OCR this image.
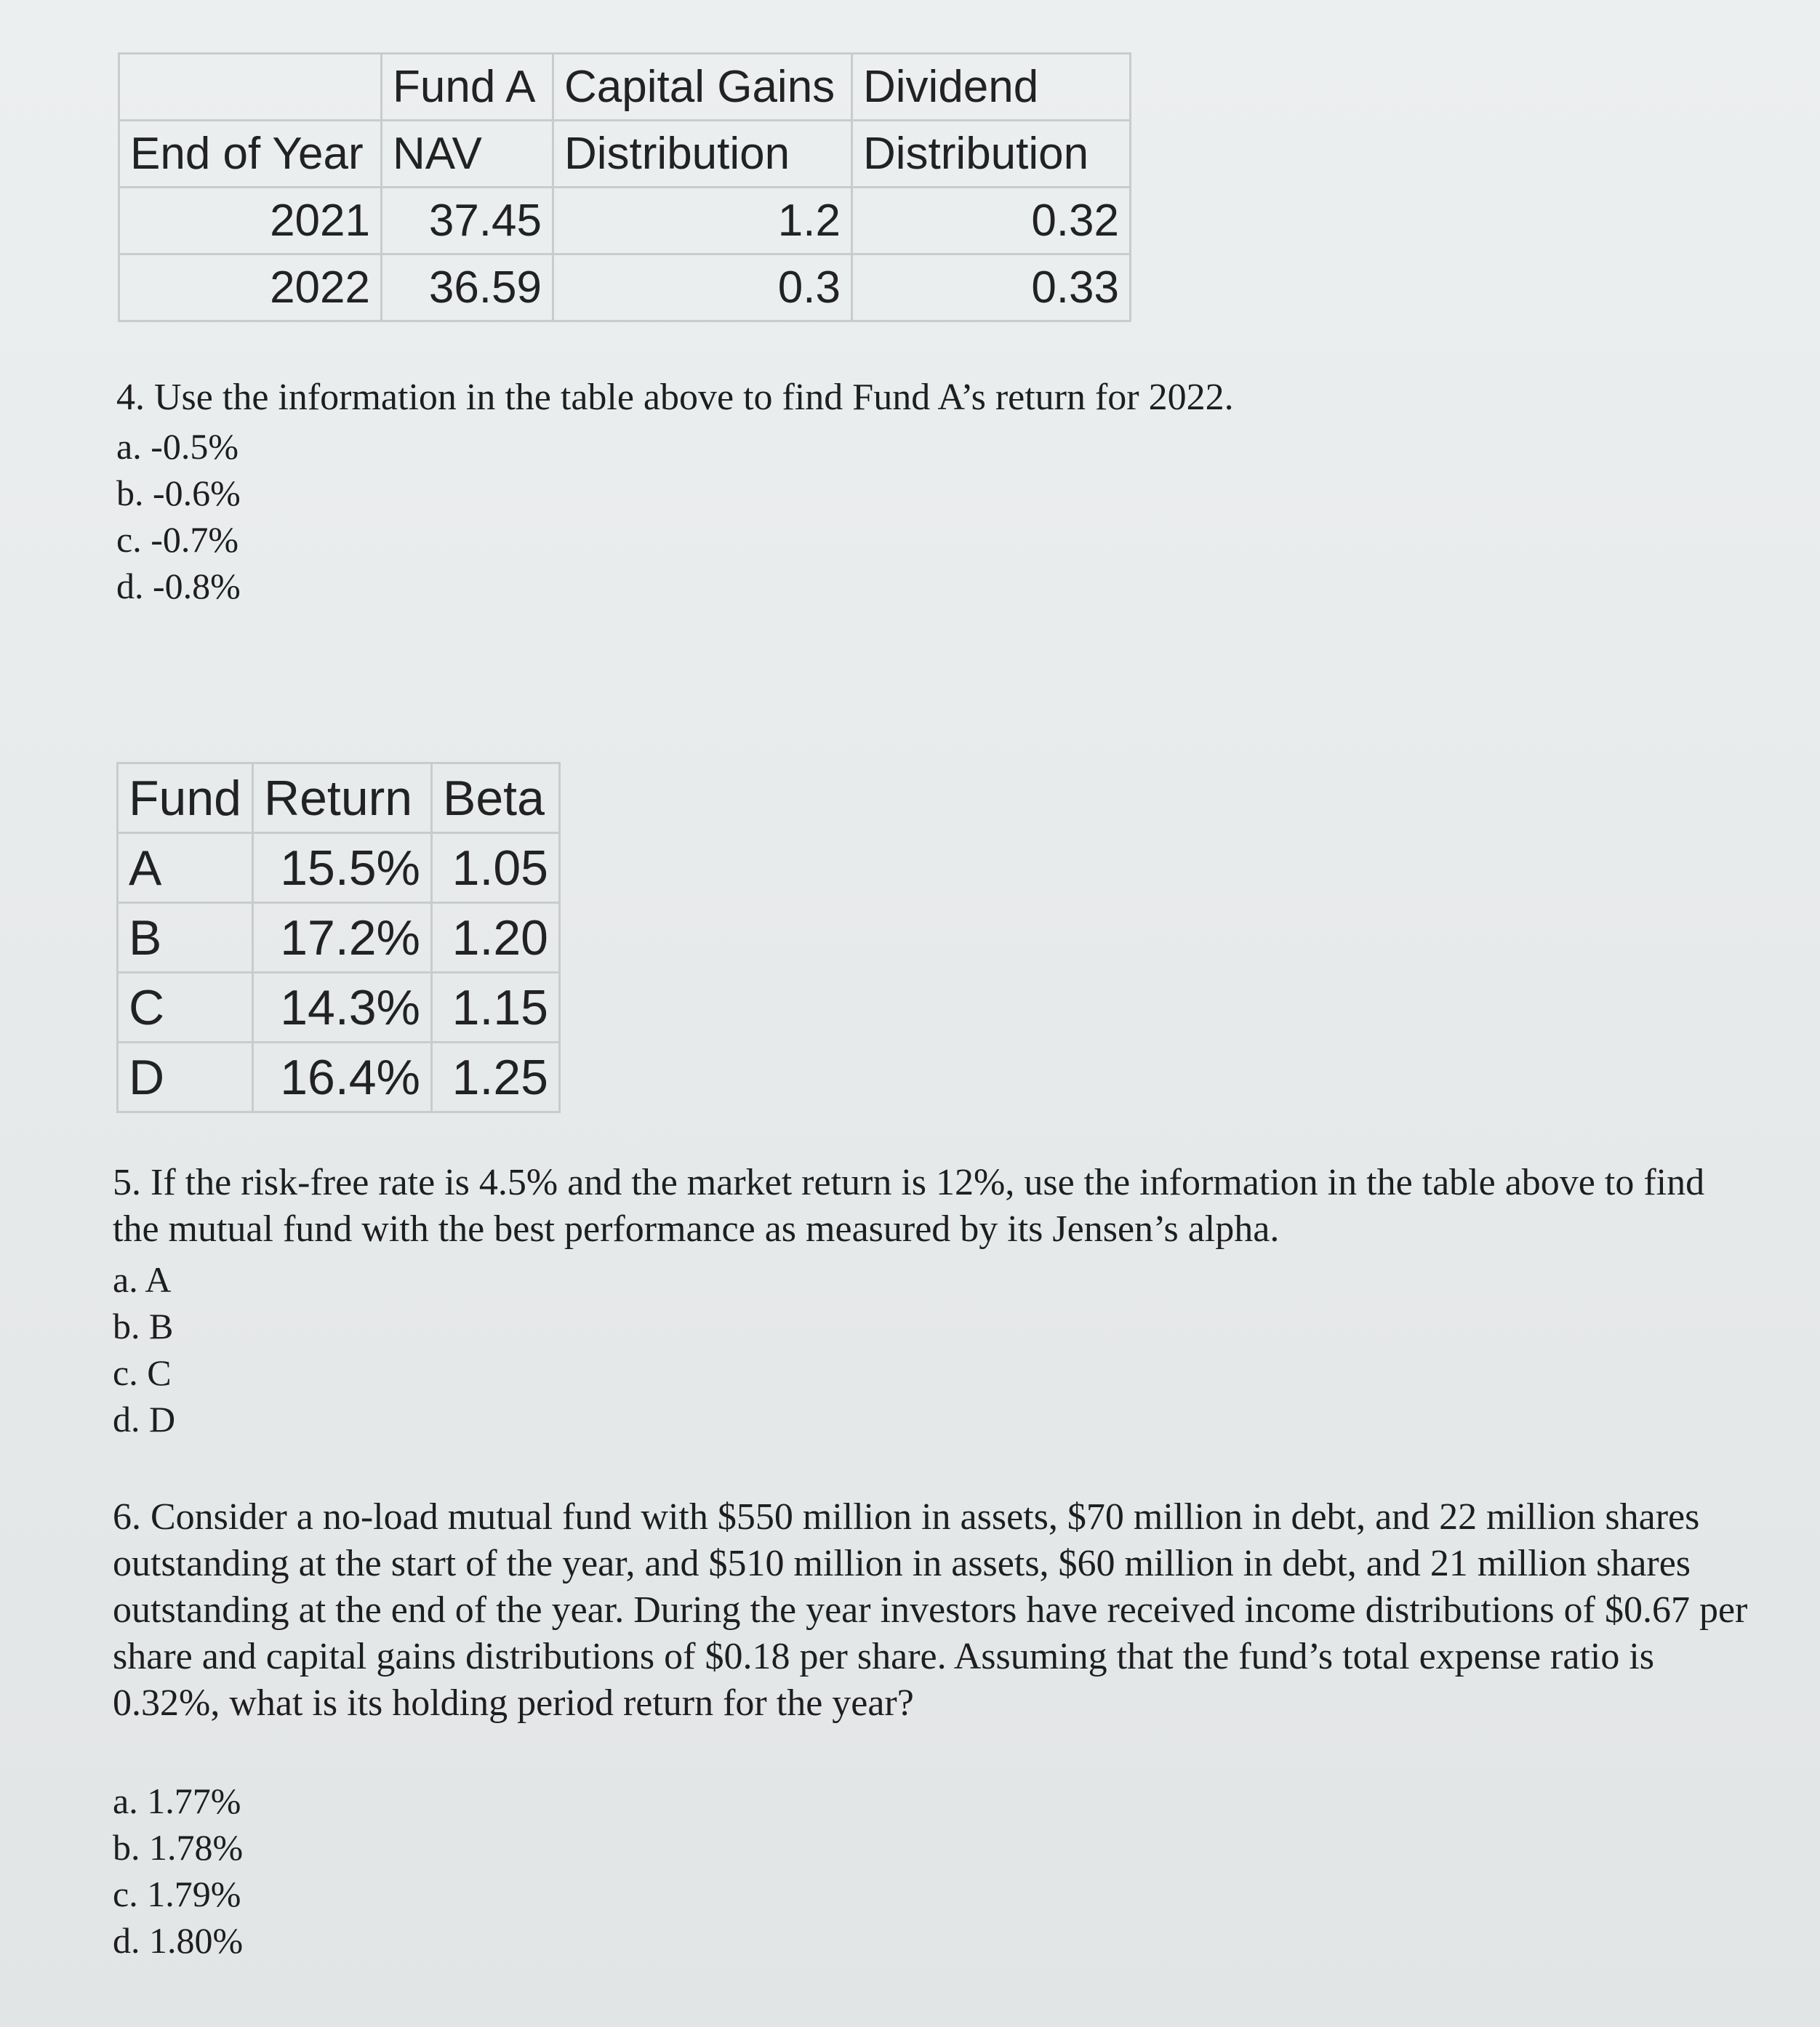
	Fund A	Capital Gains	Dividend
End of Year	NAV	Distribution	Distribution
2021	37.45	1.2	0.32
2022	36.59	0.3	0.33

4. Use the information in the table above to find Fund A’s return for 2022.

a. -0.5%
b. -0.6%
c. -0.7%
d. -0.8%
Fund	Return	Beta
A	15.5%	1.05
B	17.2%	1.20
C	14.3%	1.15
D	16.4%	1.25

5. If the risk-free rate is 4.5% and the market return is 12%, use the information in the table above to find the mutual fund with the best performance as measured by its Jensen’s alpha.

a. A
b. B
c. C
d. D

6. Consider a no-load mutual fund with $550 million in assets, $70 million in debt, and 22 million shares outstanding at the start of the year, and $510 million in assets, $60 million in debt, and 21 million shares outstanding at the end of the year. During the year investors have received income distributions of $0.67 per share and capital gains distributions of $0.18 per share. Assuming that the fund’s total expense ratio is 0.32%, what is its holding period return for the year?

a. 1.77%
b. 1.78%
c. 1.79%
d. 1.80%
